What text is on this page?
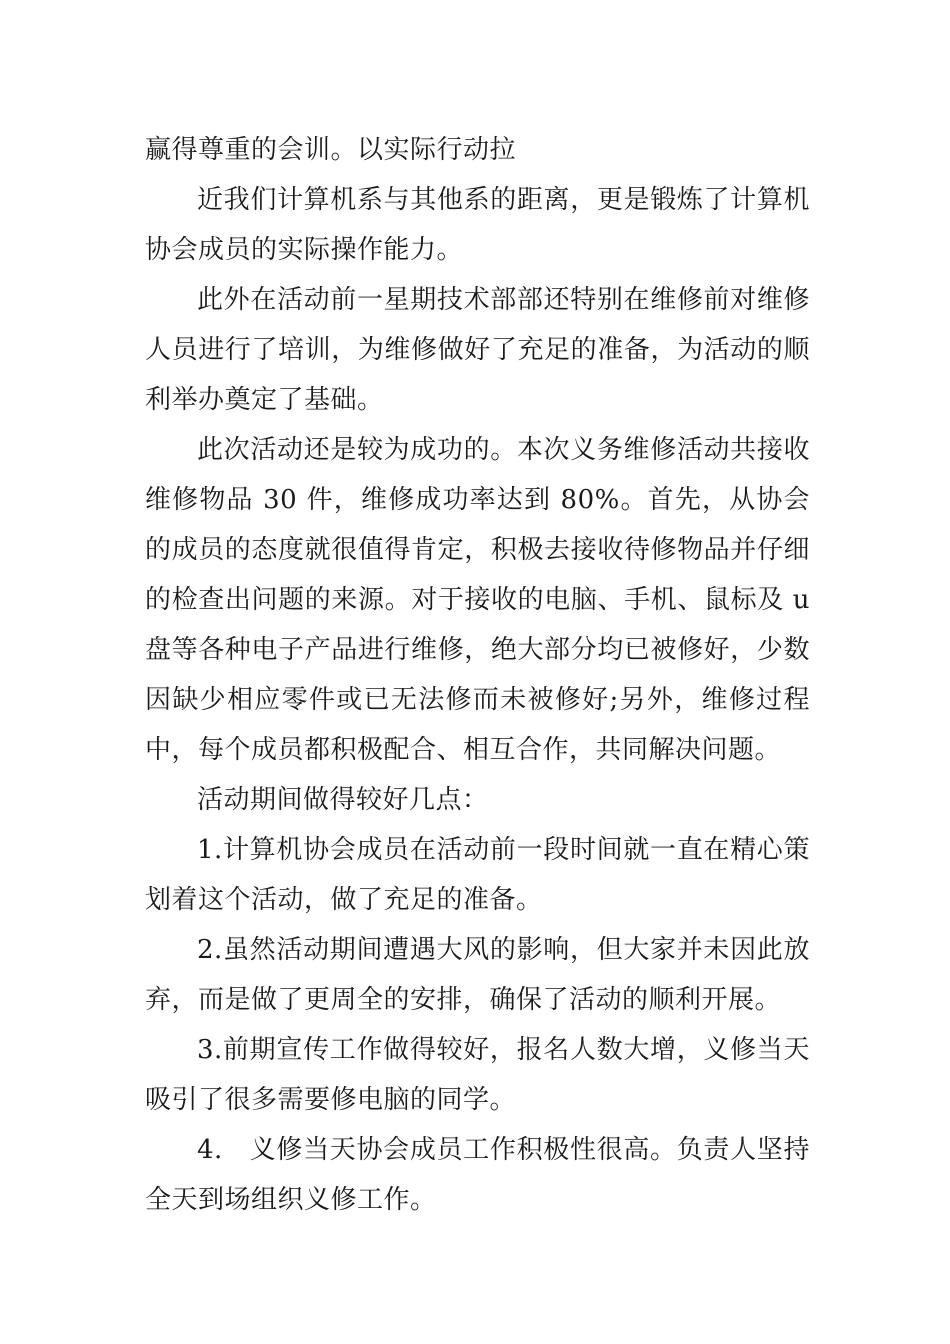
赢得尊重的会训。以实际行动拉

近我们计算机系与其他系的距离，更是锻炼了计算机协会成员的实际操作能力。

此外在活动前一星期技术部部还特别在维修前对维修人员进行了培训，为维修做好了充足的准备，为活动的顺利举办奠定了基础。

此次活动还是较为成功的。本次义务维修活动共接收维修物品 30 件，维修成功率达到 80%。首先，从协会的成员的态度就很值得肯定，积极去接收待修物品并仔细的检查出问题的来源。对于接收的电脑、手机、鼠标及 u 盘等各种电子产品进行维修，绝大部分均已被修好，少数因缺少相应零件或已无法修而未被修好;另外，维修过程中，每个成员都积极配合、相互合作，共同解决问题。

活动期间做得较好几点：

1.计算机协会成员在活动前一段时间就一直在精心策划着这个活动，做了充足的准备。

2.虽然活动期间遭遇大风的影响，但大家并未因此放弃，而是做了更周全的安排，确保了活动的顺利开展。

3.前期宣传工作做得较好，报名人数大增，义修当天吸引了很多需要修电脑的同学。

4.　义修当天协会成员工作积极性很高。负责人坚持全天到场组织义修工作。
